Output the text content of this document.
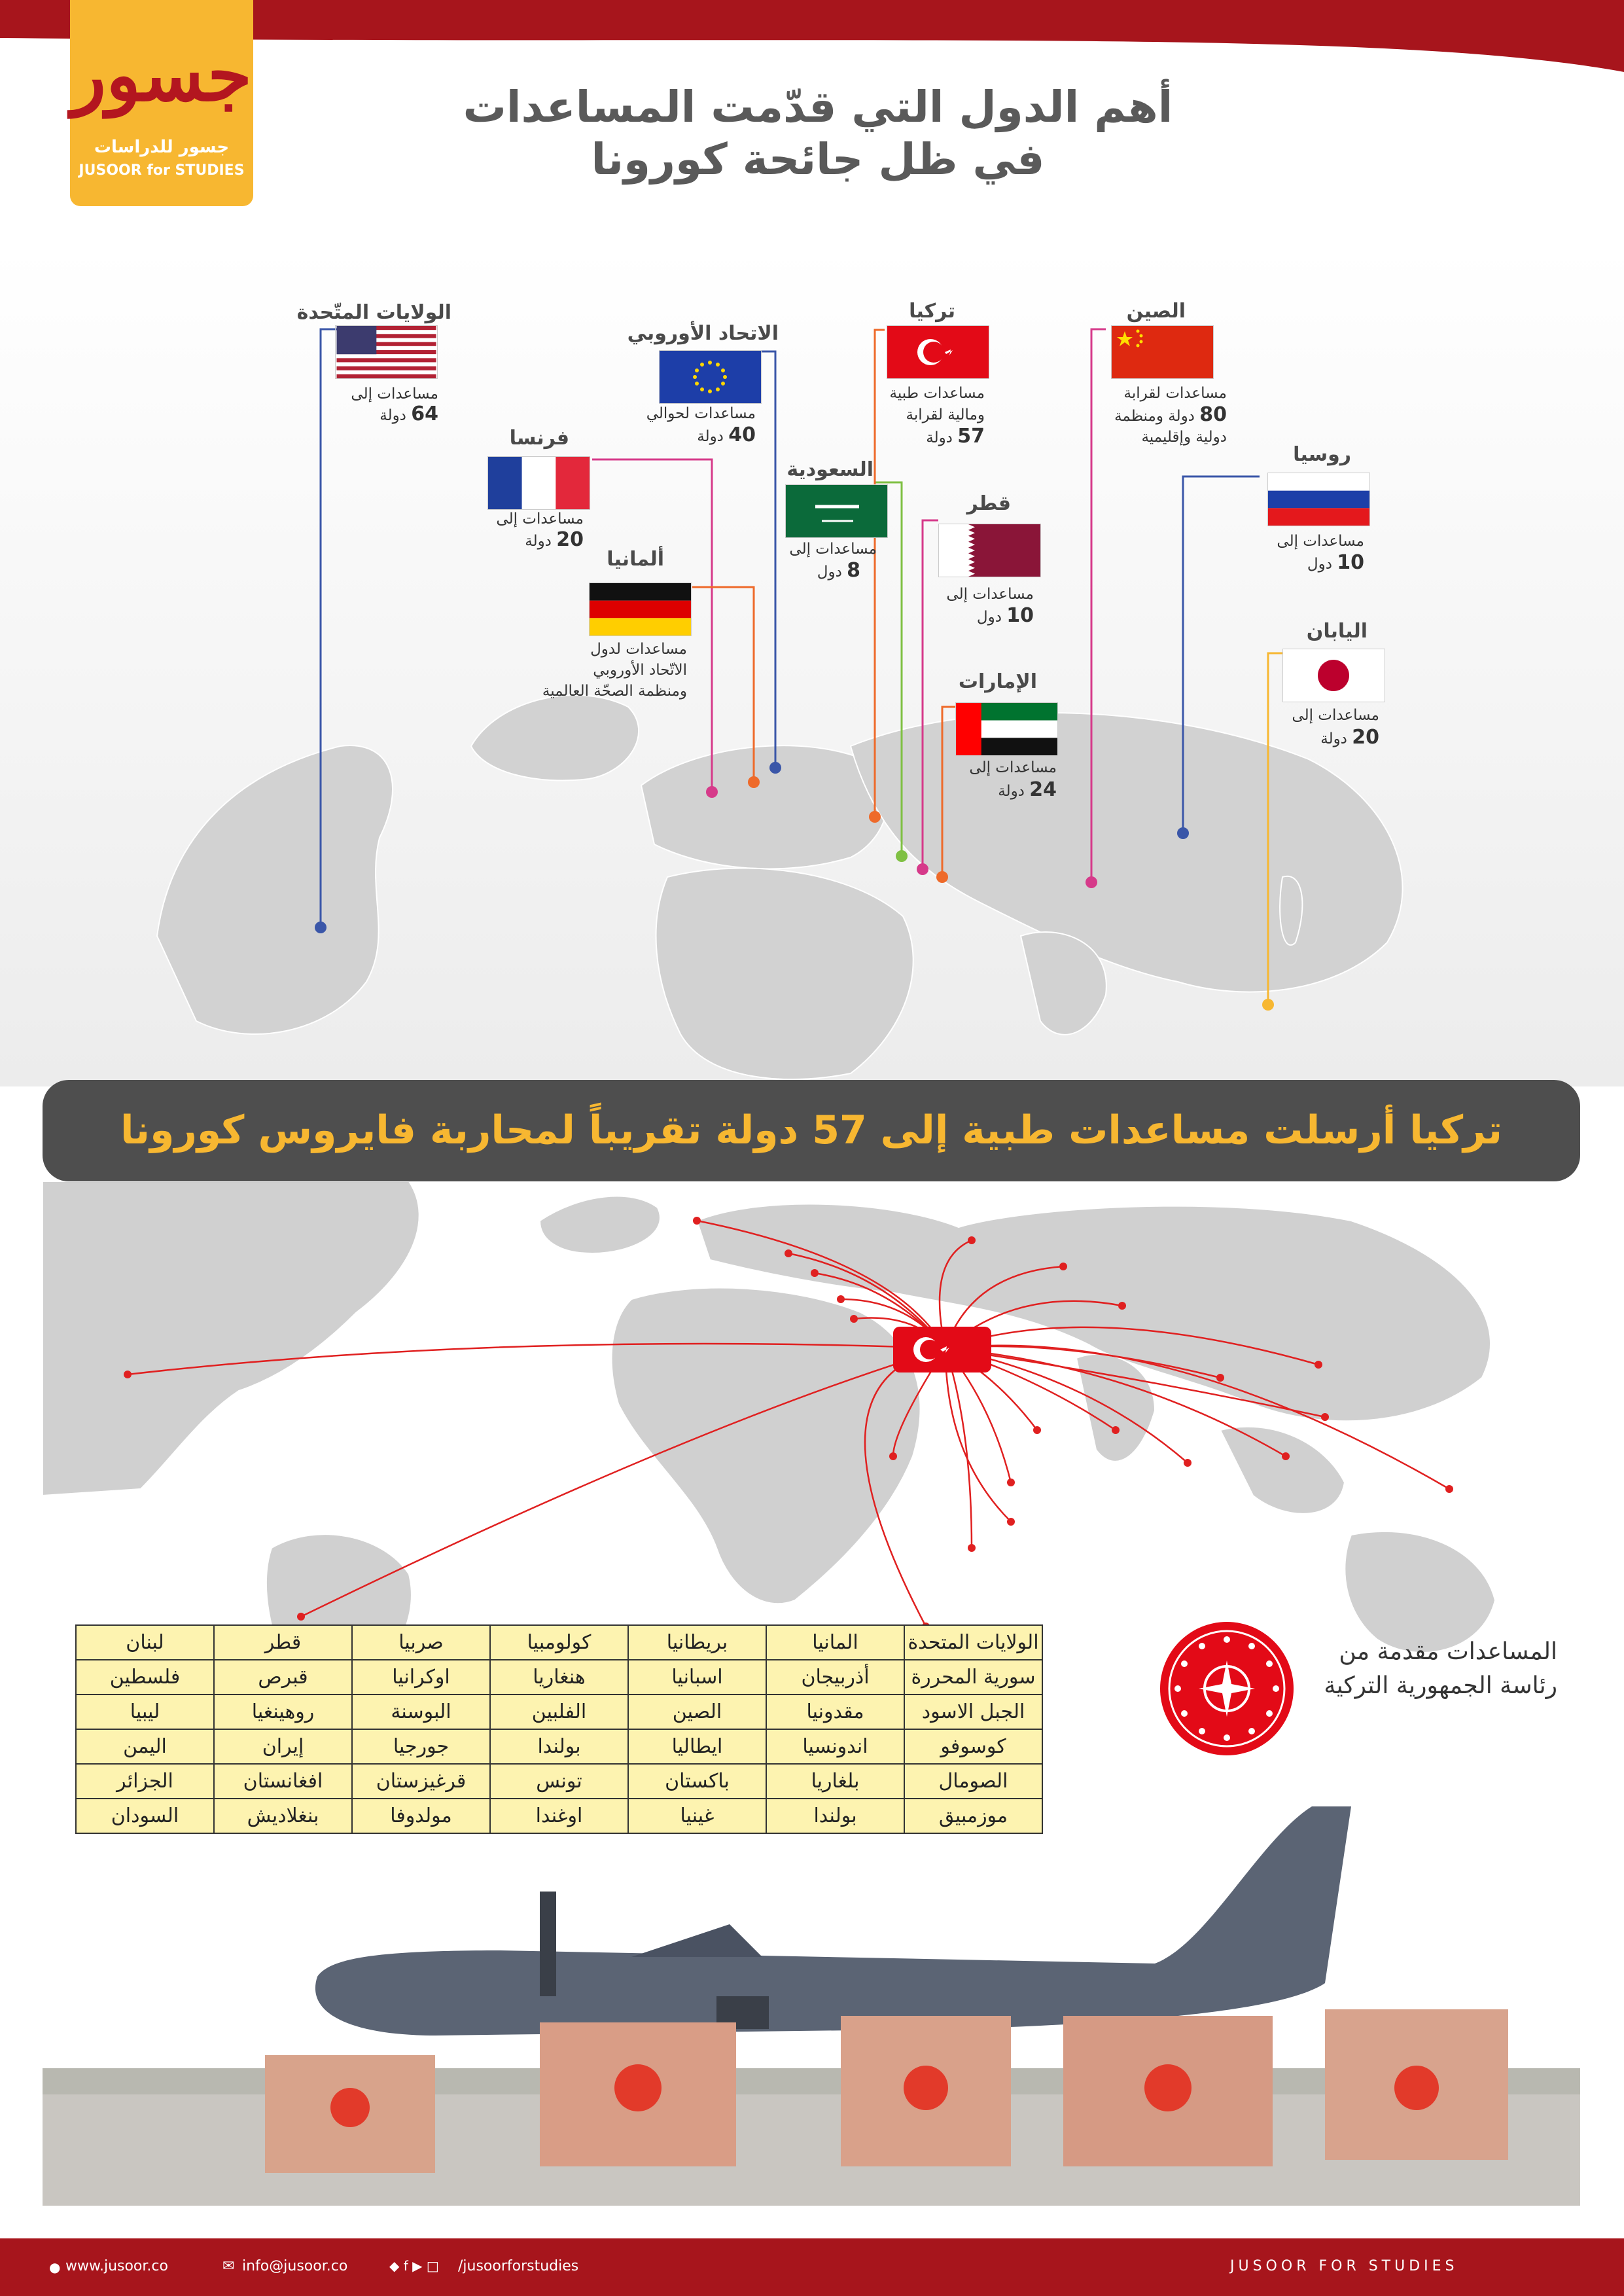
جسور
جسور للدراسات
JUSOOR for STUDIES
أهم الدول التي قدّمت المساعدات
في ظل جائحة كورونا
الولايات المتّحدة
مساعدات إلى
64 دولة
الاتحاد الأوروبي
مساعدات لحوالي
40 دولة
فرنسا
مساعدات إلى
20 دولة
ألمانيا
مساعدات لدول
الاتّحاد الأوروبي
ومنظمة الصحّة العالمية
السعودية
مساعدات إلى
8 دول
تركيا
مساعدات طبية
ومالية لقرابة
57 دولة
قطر
مساعدات إلى
10 دول
الإمارات
مساعدات إلى
24 دولة
الصين
مساعدات لقرابة
80 دولة ومنظمة
دولية وإقليمية
روسيا
مساعدات إلى
10 دول
اليابان
مساعدات إلى
20 دولة
تركيا أرسلت مساعدات طبية إلى 57 دولة تقريباً لمحاربة فايروس كورونا
الولايات المتحدة	المانيا	بريطانيا	كولومبيا	صربيا	قطر	لبنان
سورية المحررة	أذربيجان	اسبانيا	هنغاريا	اوكرانيا	قبرص	فلسطين
الجبل الاسود	مقدونيا	الصين	الفلبين	البوسنة	روهينغيا	ليبيا
كوسوفو	اندونسيا	ايطاليا	بولندا	جورجيا	إيران	اليمن
الصومال	بلغاريا	باكستان	تونس	قرغيزستان	افغانستان	الجزائر
موزمبيق	بولندا	غينيا	اوغندا	مولدوفا	بنغلاديش	السودان
المساعدات مقدمة من
رئاسة الجمهورية التركية
● www.jusoor.co	✉ info@jusoor.co	◆ f ▶ □ /jusoorforstudies	JUSOOR FOR STUDIES
